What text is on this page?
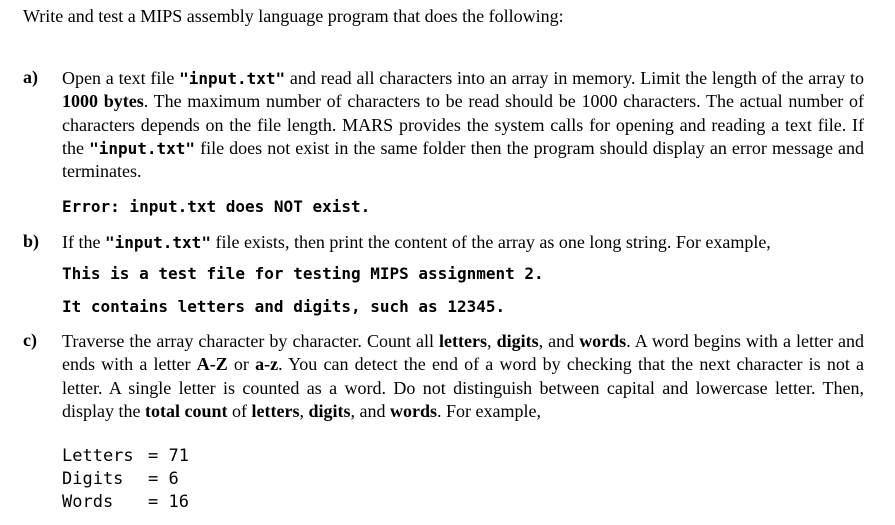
Write and test a MIPS assembly language program that does the following:
a) Open a text file "input.txt" and read all characters into an array in memory. Limit the length of the array to 1000 bytes. The maximum number of characters to be read should be 1000 characters. The actual number of characters depends on the file length. MARS provides the system calls for opening and reading a text file. If the "input.txt" file does not exist in the same folder then the program should display an error message and terminates.
Error: input.txt does NOT exist.
b) If the "input.txt" file exists, then print the content of the array as one long string. For example,
This is a test file for testing MIPS assignment 2.
It contains letters and digits, such as 12345.
c) Traverse the array character by character. Count all letters, digits, and words. A word begins with a letter and ends with a letter A-Z or a-z. You can detect the end of a word by checking that the next character is not a letter. A single letter is counted as a word. Do not distinguish between capital and lowercase letter. Then, display the total count of letters, digits, and words. For example,
Letters = 71
Digits = 6
Words = 16
